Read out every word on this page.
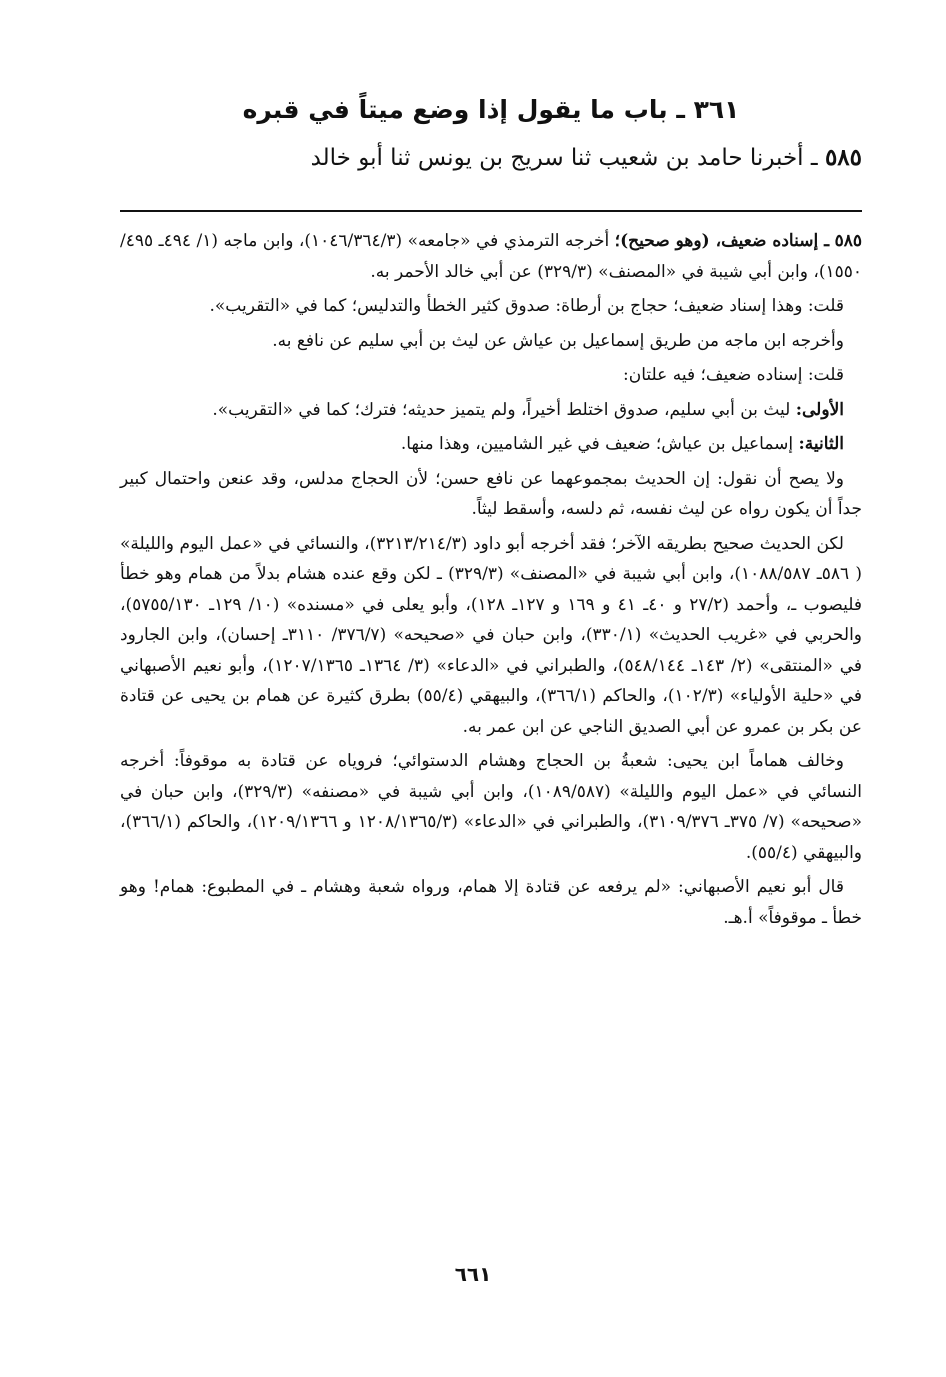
٣٦١ ـ باب ما يقول إذا وضع ميتاً في قبره

٥٨٥ ـ أخبرنا حامد بن شعيب ثنا سريج بن يونس ثنا أبو خالد

٥٨٥ ـ إسناده ضعيف، (وهو صحيح)؛ أخرجه الترمذي في «جامعه» (١٠٤٦/٣٦٤/٣)، وابن ماجه (١/ ٤٩٤ـ ٤٩٥/ ١٥٥٠)، وابن أبي شيبة في «المصنف» (٣٢٩/٣) عن أبي خالد الأحمر به.

قلت: وهذا إسناد ضعيف؛ حجاج بن أرطاة: صدوق كثير الخطأ والتدليس؛ كما في «التقريب».

وأخرجه ابن ماجه من طريق إسماعيل بن عياش عن ليث بن أبي سليم عن نافع به.

قلت: إسناده ضعيف؛ فيه علتان:

الأولى: ليث بن أبي سليم، صدوق اختلط أخيراً، ولم يتميز حديثه؛ فترك؛ كما في «التقريب».

الثانية: إسماعيل بن عياش؛ ضعيف في غير الشاميين، وهذا منها.

ولا يصح أن نقول: إن الحديث بمجموعهما عن نافع حسن؛ لأن الحجاج مدلس، وقد عنعن واحتمال كبير جداً أن يكون رواه عن ليث نفسه، ثم دلسه، وأسقط ليثاً.

لكن الحديث صحيح بطريقه الآخر؛ فقد أخرجه أبو داود (٣٢١٣/٢١٤/٣)، والنسائي في «عمل اليوم والليلة» ( ٥٨٦ـ ١٠٨٨/٥٨٧)، وابن أبي شيبة في «المصنف» (٣٢٩/٣) ـ لكن وقع عنده هشام بدلاً من همام وهو خطأ فليصوب ـ، وأحمد (٢٧/٢ و ٤٠ـ ٤١ و ١٦٩ و ١٢٧ـ ١٢٨)، وأبو يعلى في «مسنده» (١٠/ ١٢٩ـ ٥٧٥٥/١٣٠)، والحربي في «غريب الحديث» (٣٣٠/١)، وابن حبان في «صحيحه» (٣٧٦/٧/ ٣١١٠ـ إحسان)، وابن الجارود في «المنتقى» (٢/ ١٤٣ـ ٥٤٨/١٤٤)، والطبراني في «الدعاء» (٣/ ١٣٦٤ـ ١٢٠٧/١٣٦٥)، وأبو نعيم الأصبهاني في «حلية الأولياء» (١٠٢/٣)، والحاكم (٣٦٦/١)، والبيهقي (٥٥/٤) بطرق كثيرة عن همام بن يحيى عن قتادة عن بكر بن عمرو عن أبي الصديق الناجي عن ابن عمر به.

وخالف هماماً ابن يحيى: شعبةُ بن الحجاج وهشام الدستوائي؛ فروياه عن قتادة به موقوفاً: أخرجه النسائي في «عمل اليوم والليلة» (١٠٨٩/٥٨٧)، وابن أبي شيبة في «مصنفه» (٣٢٩/٣)، وابن حبان في «صحيحه» (٧/ ٣٧٥ـ ٣١٠٩/٣٧٦)، والطبراني في «الدعاء» (١٢٠٨/١٣٦٥/٣ و ١٢٠٩/١٣٦٦)، والحاكم (٣٦٦/١)، والبيهقي (٥٥/٤).

قال أبو نعيم الأصبهاني: «لم يرفعه عن قتادة إلا همام، ورواه شعبة وهشام ـ في المطبوع: همام! وهو خطأ ـ موقوفاً» أ.هـ.

٦٦١
